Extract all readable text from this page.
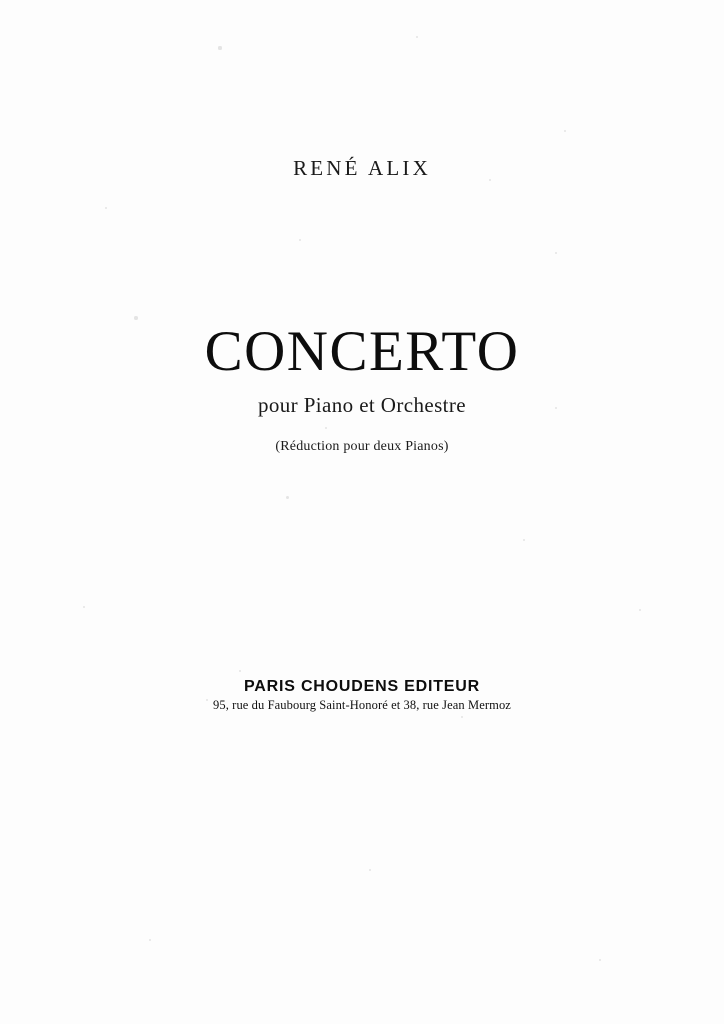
RENÉ ALIX
CONCERTO
pour Piano et Orchestre
(Réduction pour deux Pianos)
PARIS CHOUDENS EDITEUR
95, rue du Faubourg Saint-Honoré et 38, rue Jean Mermoz
